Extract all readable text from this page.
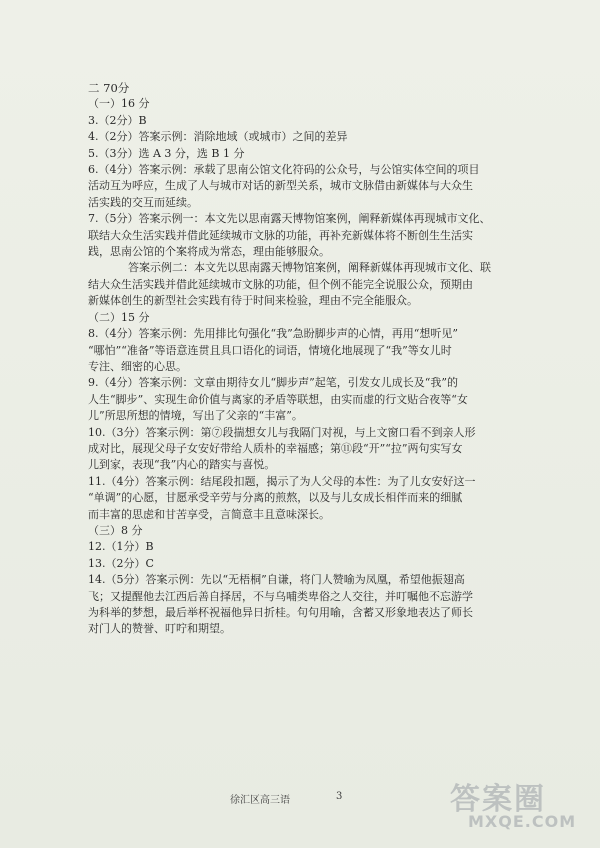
二 70分
（一）16 分
3.（2分）B
4.（2分）答案示例：消除地域（或城市）之间的差异
5.（3分）选 A 3 分，选 B 1 分
6.（4分）答案示例：承载了思南公馆文化符码的公众号，与公馆实体空间的项目
活动互为呼应，生成了人与城市对话的新型关系，城市文脉借由新媒体与大众生
活实践的交互而延续。
7.（5分）答案示例一：本文先以思南露天博物馆案例，阐释新媒体再现城市文化、
联结大众生活实践并借此延续城市文脉的功能，再补充新媒体将不断创生生活实
践，思南公馆的个案将成为常态，理由能够服众。
答案示例二：本文先以思南露天博物馆案例，阐释新媒体再现城市文化、联
结大众生活实践并借此延续城市文脉的功能，但个例不能完全说服公众，预期由
新媒体创生的新型社会实践有待于时间来检验，理由不完全能服众。
（二）15 分
8.（4分）答案示例：先用排比句强化“我”急盼脚步声的心情，再用“想听见”
“哪怕”“准备”等语意连贯且具口语化的词语，情境化地展现了“我”等女儿时
专注、细密的心思。
9.（4分）答案示例：文章由期待女儿“脚步声”起笔，引发女儿成长及“我”的
人生“脚步”、实现生命价值与离家的矛盾等联想，由实而虚的行文贴合夜等“女
儿”所思所想的情境，写出了父亲的“丰富”。
10.（3分）答案示例：第⑦段揣想女儿与我隔门对视，与上文窗口看不到亲人形
成对比，展现父母子女安好带给人质朴的幸福感；第⑪段“开”“拉”两句实写女
儿到家，表现“我”内心的踏实与喜悦。
11.（4分）答案示例：结尾段扣题，揭示了为人父母的本性：为了儿女安好这一
“单调”的心愿，甘愿承受辛劳与分离的煎熬，以及与儿女成长相伴而来的细腻
而丰富的思虑和甘苦享受，言简意丰且意味深长。
（三）8 分
12.（1分）B
13.（2分）C
14.（5分）答案示例：先以“无梧桐”自谦，将门人赞喻为凤凰，希望他振翅高
飞；又提醒他去江西后善自择居，不与乌哺类卑俗之人交往，并叮嘱他不忘游学
为科举的梦想，最后举杯祝福他异日折桂。句句用喻，含蓄又形象地表达了师长
对门人的赞誉、叮咛和期望。
徐汇区高三语	3	答案圈
MXQE.COM
